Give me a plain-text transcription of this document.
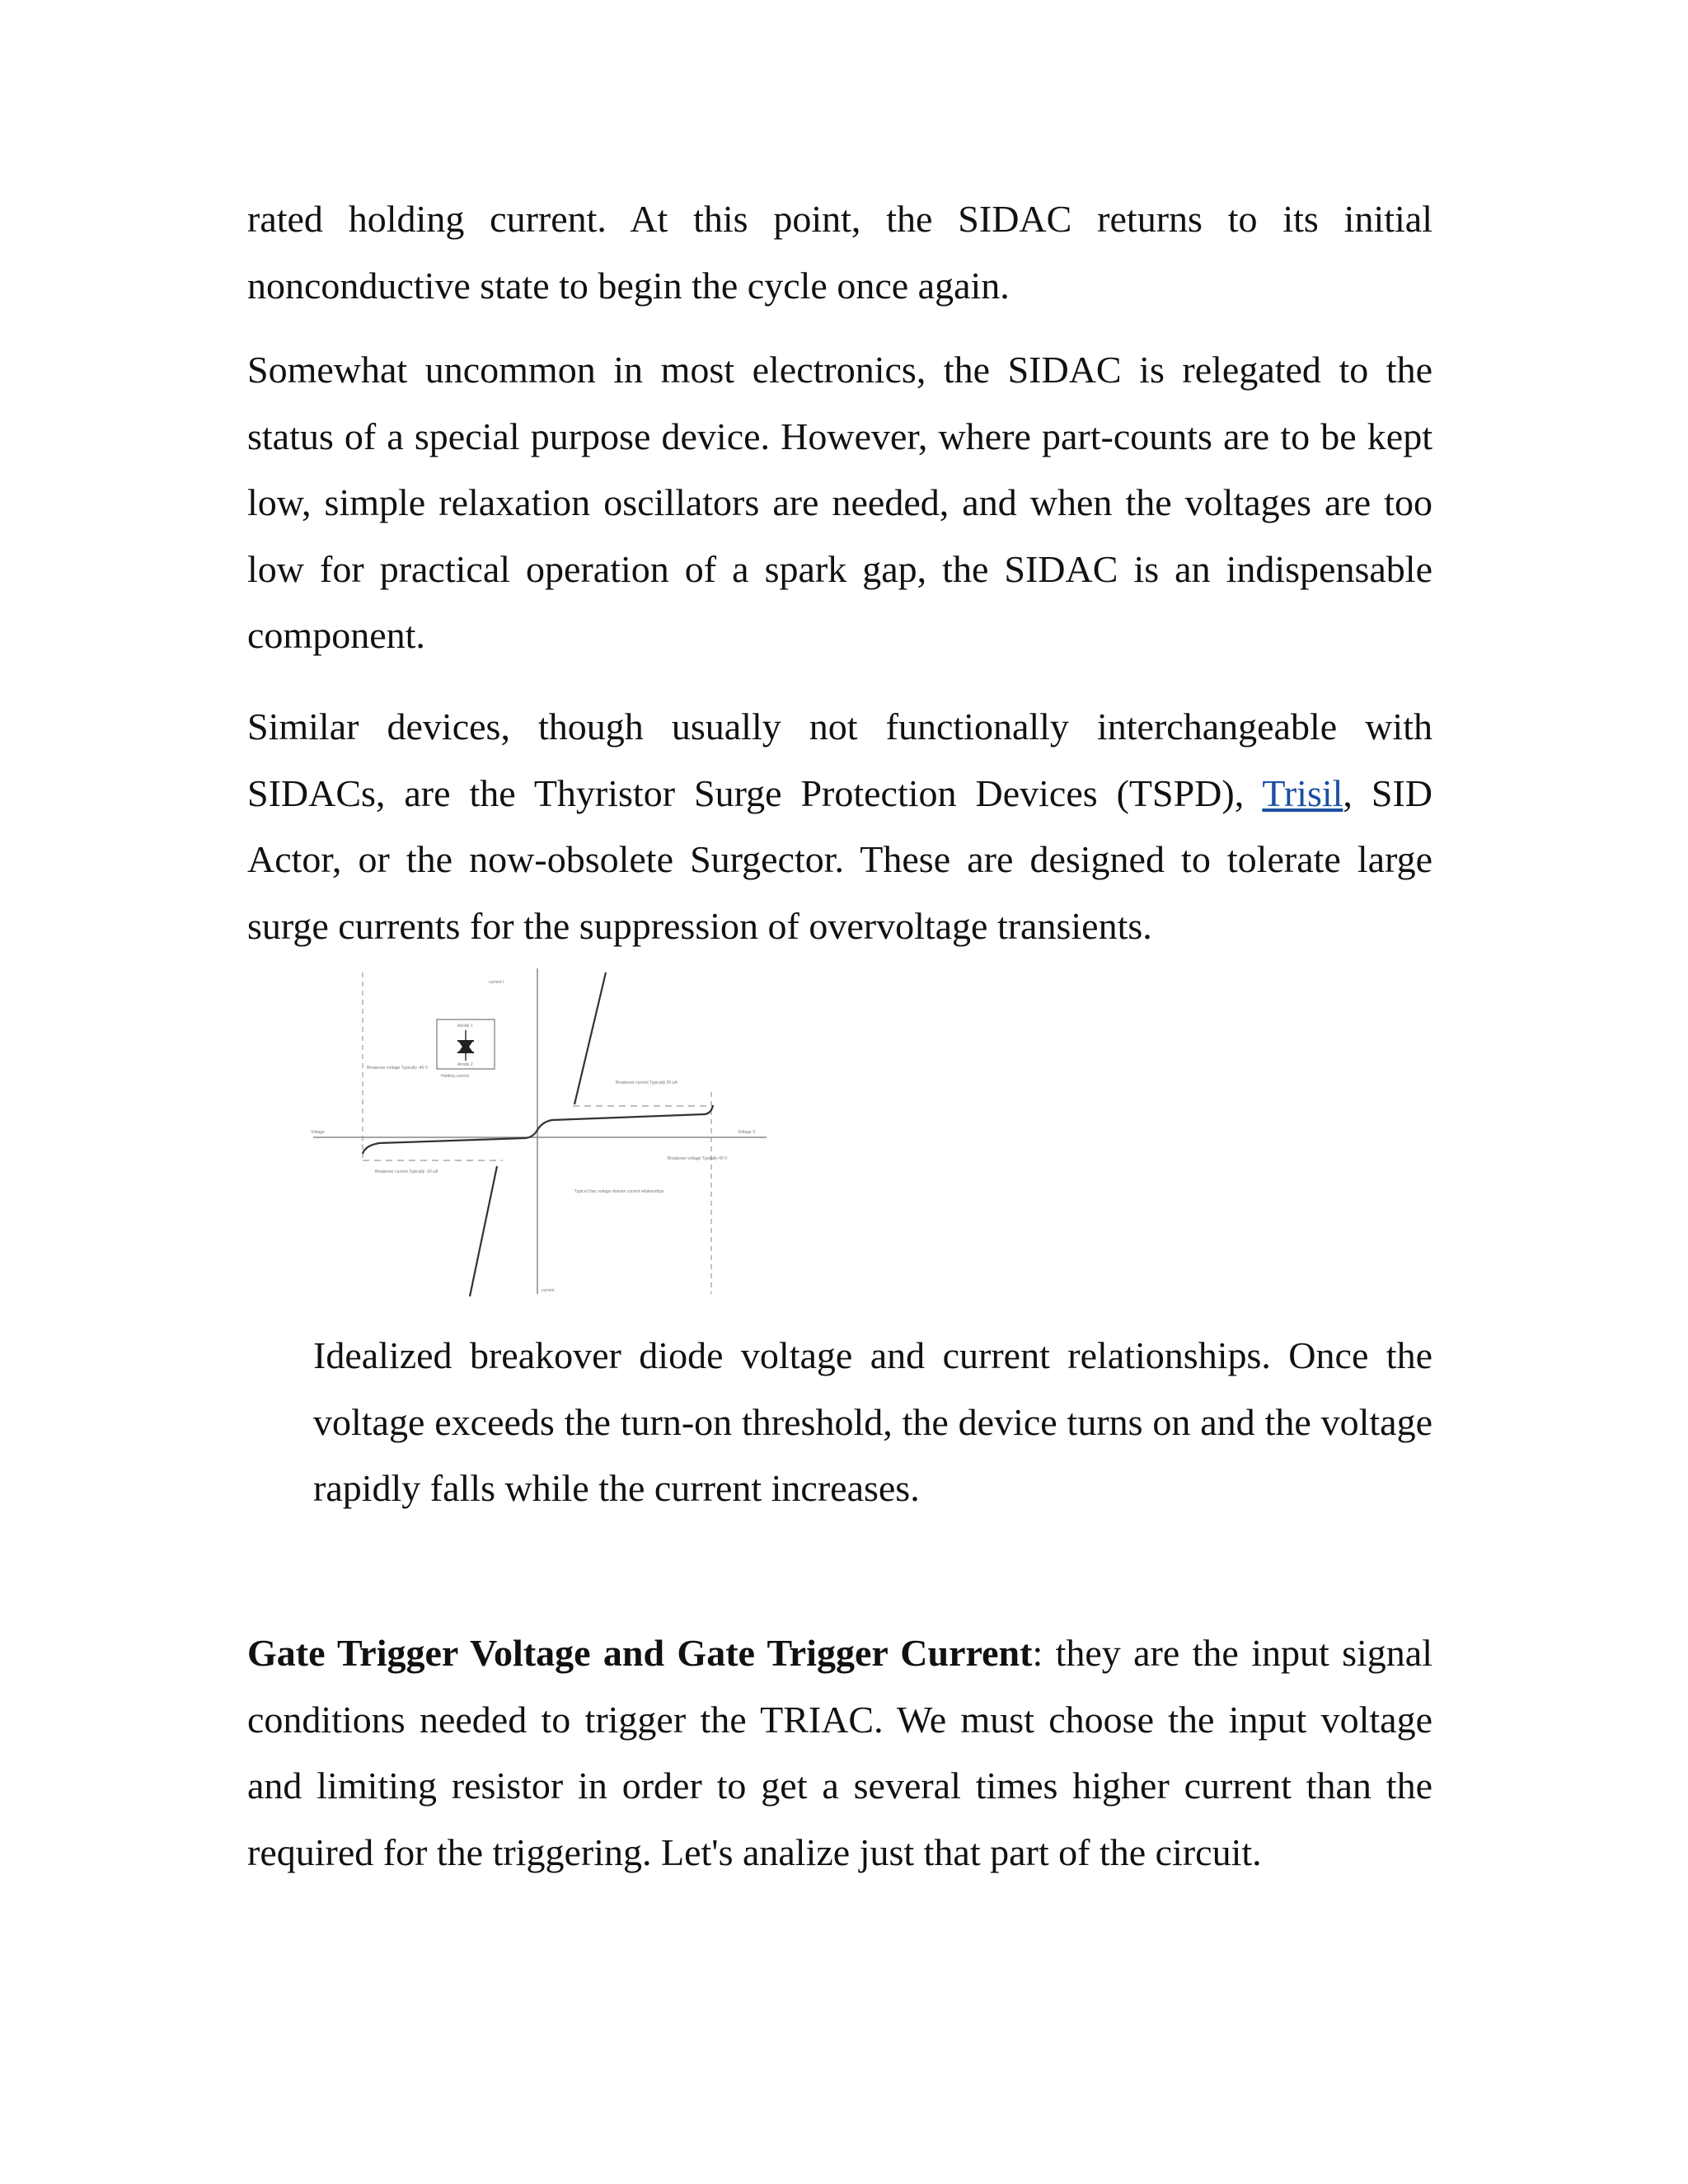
rated holding current. At this point, the SIDAC returns to its initial nonconductive state to begin the cycle once again.

Somewhat uncommon in most electronics, the SIDAC is relegated to the status of a special purpose device. However, where part-counts are to be kept low, simple relaxation oscillators are needed, and when the voltages are too low for practical operation of a spark gap, the SIDAC is an indispensable component.

Similar devices, though usually not functionally interchangeable with SIDACs, are the Thyristor Surge Protection Devices (TSPD), Trisil, SID Actor, or the now-obsolete Surgector. These are designed to tolerate large surge currents for the suppression of overvoltage transients.

current I
Voltage	Voltage V
current
Anode 1
Anode 2
Breakover voltage Typically -40 V
Holding current
Breakover current Typically 20 uA
Breakover voltage Typically 40 V
Breakover current Typically -20 uA
Typical Diac voltage domain current relationships

Idealized breakover diode voltage and current relationships. Once the voltage exceeds the turn-on threshold, the device turns on and the voltage rapidly falls while the current increases.

Gate Trigger Voltage and Gate Trigger Current: they are the input signal conditions needed to trigger the TRIAC. We must choose the input voltage and limiting resistor in order to get a several times higher current than the required for the triggering. Let's analize just that part of the circuit.
